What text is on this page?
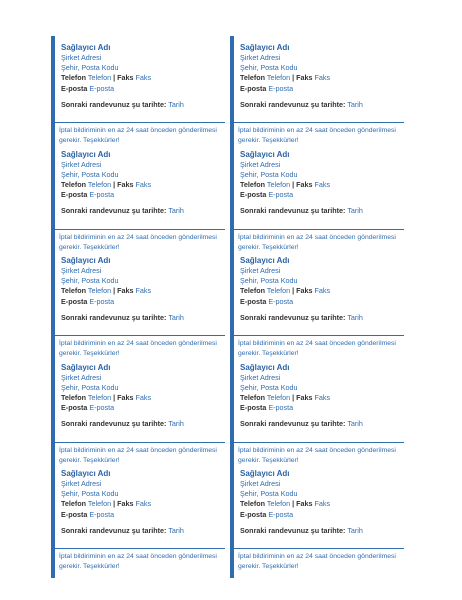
Sağlayıcı Adı
Şirket Adresi
Şehir, Posta Kodu
Telefon Telefon | Faks Faks
E-posta E-posta
Sonraki randevunuz şu tarihte: Tarih
İptal bildiriminin en az 24 saat önceden gönderilmesi gerekir. Teşekkürler!
Sağlayıcı Adı
Şirket Adresi
Şehir, Posta Kodu
Telefon Telefon | Faks Faks
E-posta E-posta
Sonraki randevunuz şu tarihte: Tarih
İptal bildiriminin en az 24 saat önceden gönderilmesi gerekir. Teşekkürler!
Sağlayıcı Adı
Şirket Adresi
Şehir, Posta Kodu
Telefon Telefon | Faks Faks
E-posta E-posta
Sonraki randevunuz şu tarihte: Tarih
İptal bildiriminin en az 24 saat önceden gönderilmesi gerekir. Teşekkürler!
Sağlayıcı Adı
Şirket Adresi
Şehir, Posta Kodu
Telefon Telefon | Faks Faks
E-posta E-posta
Sonraki randevunuz şu tarihte: Tarih
İptal bildiriminin en az 24 saat önceden gönderilmesi gerekir. Teşekkürler!
Sağlayıcı Adı
Şirket Adresi
Şehir, Posta Kodu
Telefon Telefon | Faks Faks
E-posta E-posta
Sonraki randevunuz şu tarihte: Tarih
İptal bildiriminin en az 24 saat önceden gönderilmesi gerekir. Teşekkürler!
Sağlayıcı Adı
Şirket Adresi
Şehir, Posta Kodu
Telefon Telefon | Faks Faks
E-posta E-posta
Sonraki randevunuz şu tarihte: Tarih
İptal bildiriminin en az 24 saat önceden gönderilmesi gerekir. Teşekkürler!
Sağlayıcı Adı
Şirket Adresi
Şehir, Posta Kodu
Telefon Telefon | Faks Faks
E-posta E-posta
Sonraki randevunuz şu tarihte: Tarih
İptal bildiriminin en az 24 saat önceden gönderilmesi gerekir. Teşekkürler!
Sağlayıcı Adı
Şirket Adresi
Şehir, Posta Kodu
Telefon Telefon | Faks Faks
E-posta E-posta
Sonraki randevunuz şu tarihte: Tarih
İptal bildiriminin en az 24 saat önceden gönderilmesi gerekir. Teşekkürler!
Sağlayıcı Adı
Şirket Adresi
Şehir, Posta Kodu
Telefon Telefon | Faks Faks
E-posta E-posta
Sonraki randevunuz şu tarihte: Tarih
İptal bildiriminin en az 24 saat önceden gönderilmesi gerekir. Teşekkürler!
Sağlayıcı Adı
Şirket Adresi
Şehir, Posta Kodu
Telefon Telefon | Faks Faks
E-posta E-posta
Sonraki randevunuz şu tarihte: Tarih
İptal bildiriminin en az 24 saat önceden gönderilmesi gerekir. Teşekkürler!
